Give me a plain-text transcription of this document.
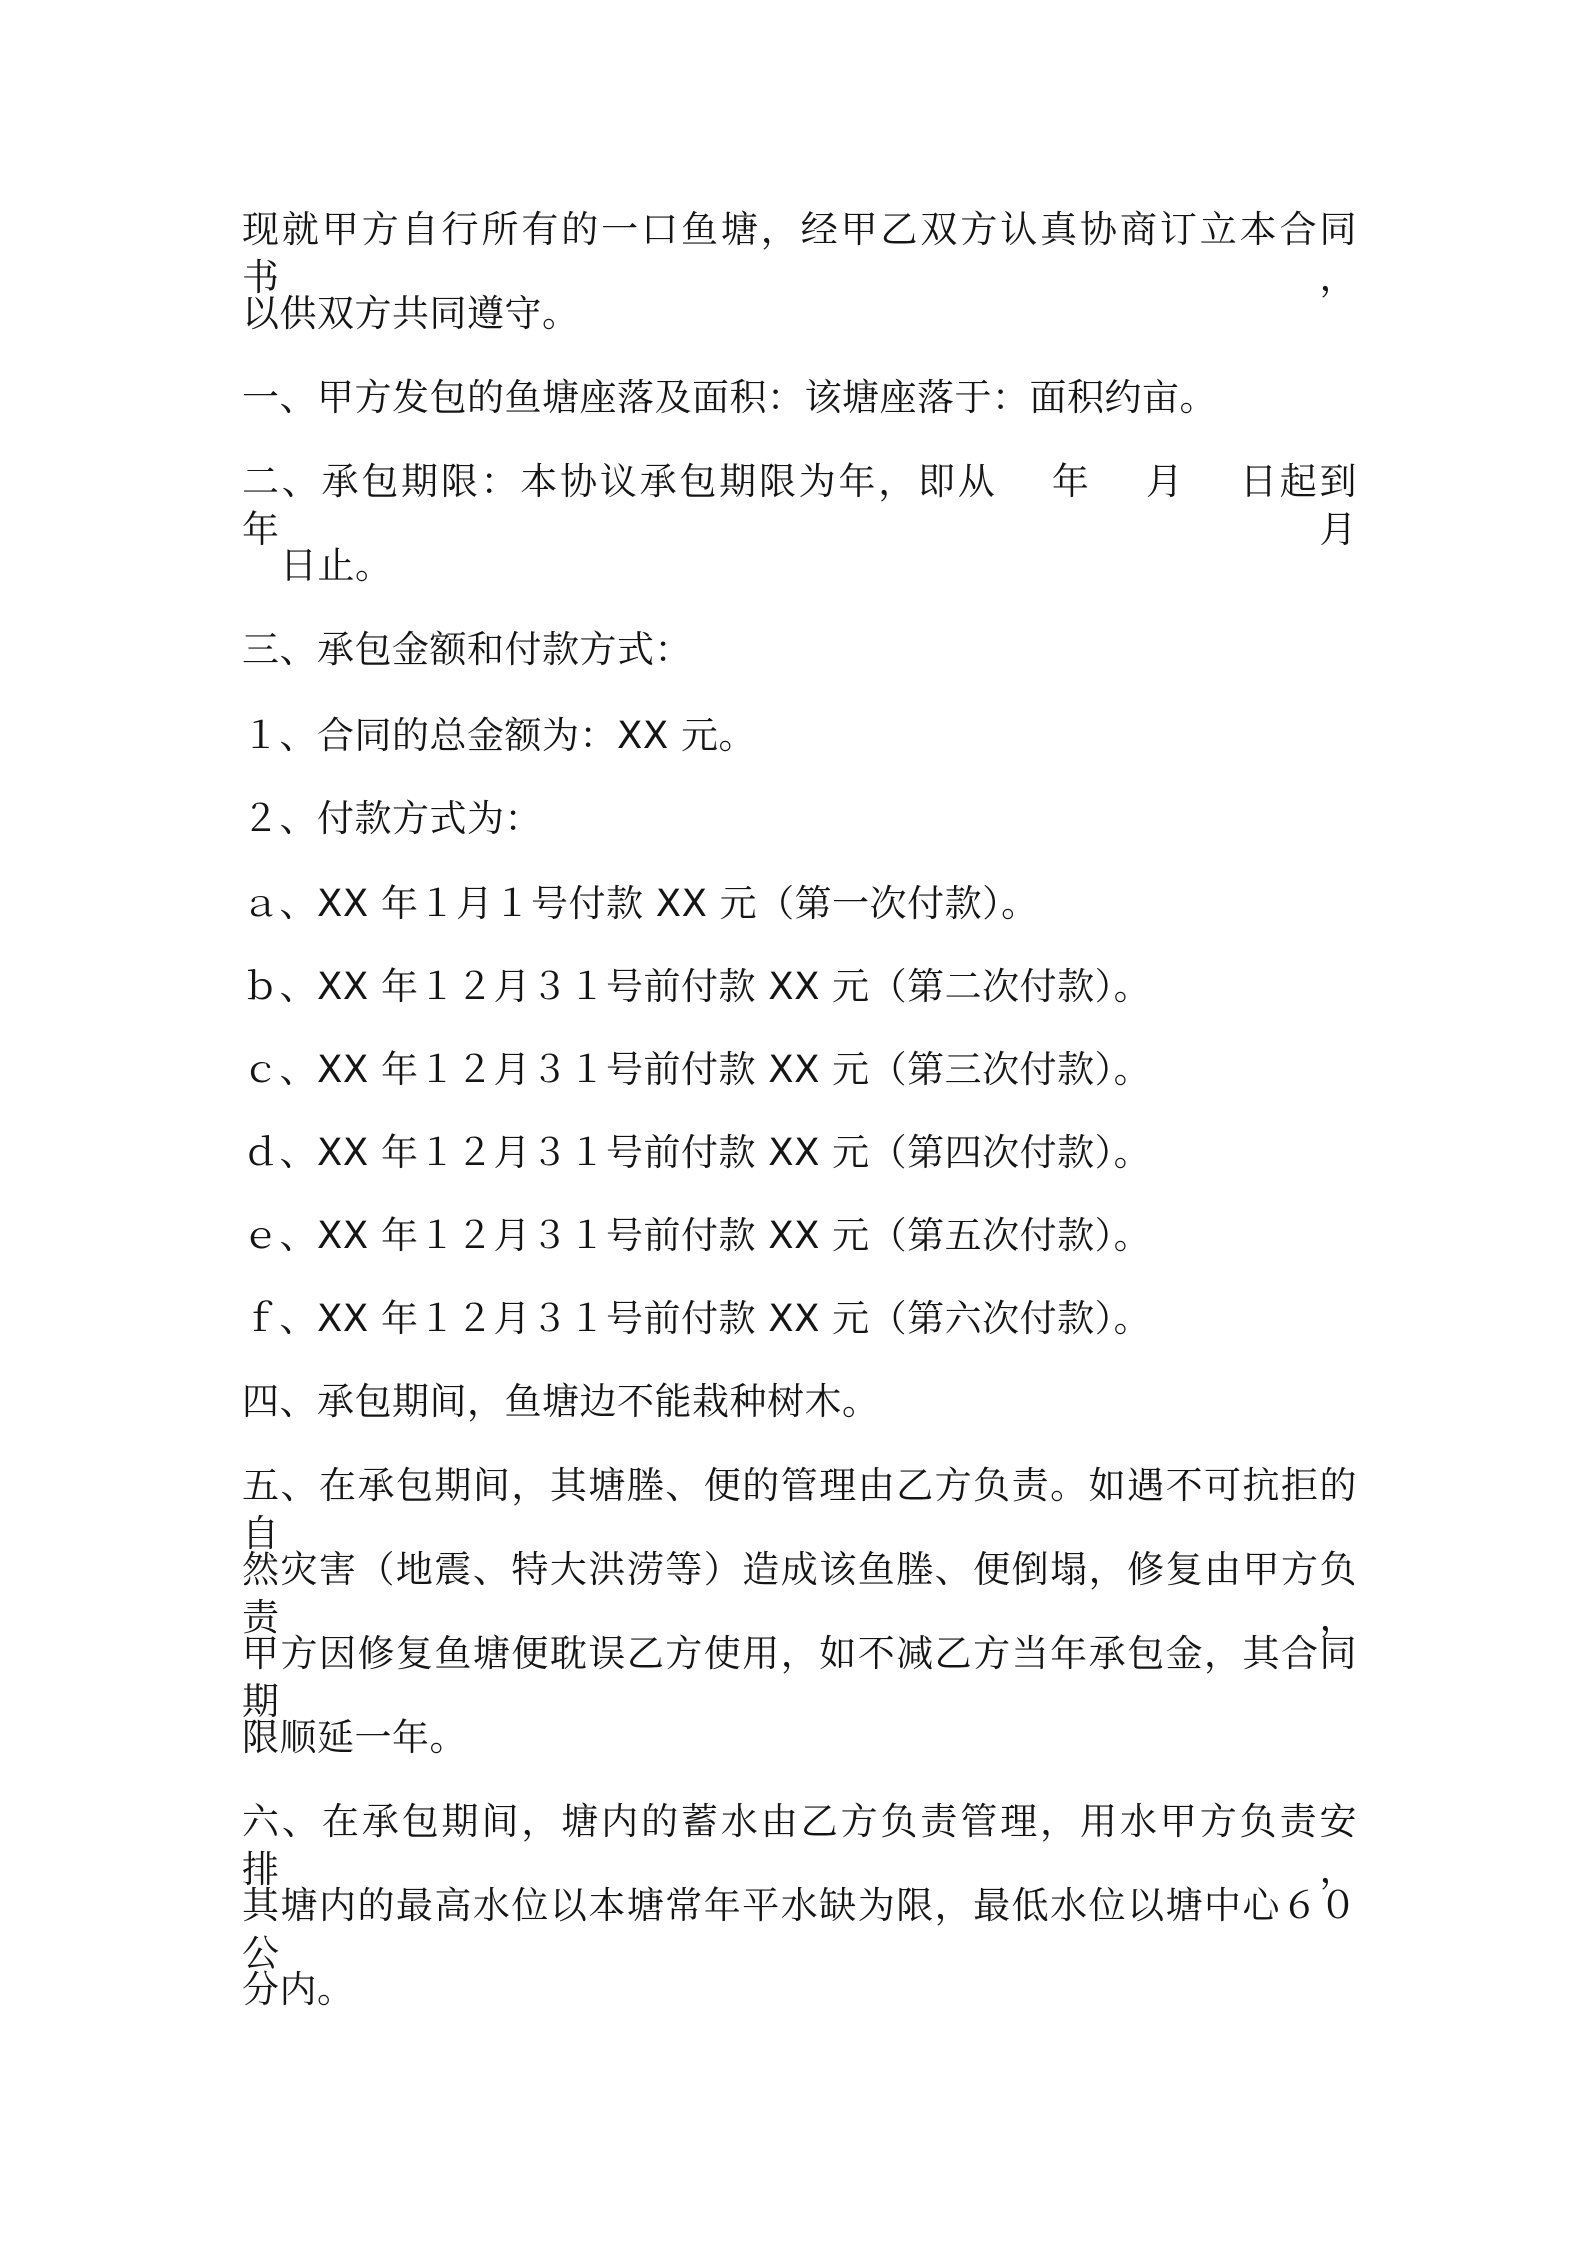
现就甲方自行所有的一口鱼塘，经甲乙双方认真协商订立本合同书，
以供双方共同遵守。
一、甲方发包的鱼塘座落及面积：该塘座落于：面积约亩。
二、承包期限：本协议承包期限为年，即从　 年　 月　 日起到　 年 月
日止。
三、承包金额和付款方式：
１、合同的总金额为：XX 元。
２、付款方式为：
ａ、XX 年１月１号付款 XX 元（第一次付款）。
ｂ、XX 年１２月３１号前付款 XX 元（第二次付款）。
ｃ、XX 年１２月３１号前付款 XX 元（第三次付款）。
ｄ、XX 年１２月３１号前付款 XX 元（第四次付款）。
ｅ、XX 年１２月３１号前付款 XX 元（第五次付款）。
ｆ、XX 年１２月３１号前付款 XX 元（第六次付款）。
四、承包期间，鱼塘边不能栽种树木。
五、在承包期间，其塘塍、便的管理由乙方负责。如遇不可抗拒的自
然灾害（地震、特大洪涝等）造成该鱼塍、便倒塌，修复由甲方负责，
甲方因修复鱼塘便耽误乙方使用，如不减乙方当年承包金，其合同期
限顺延一年。
六、在承包期间，塘内的蓄水由乙方负责管理，用水甲方负责安排，
其塘内的最高水位以本塘常年平水缺为限，最低水位以塘中心６０公
分内。
